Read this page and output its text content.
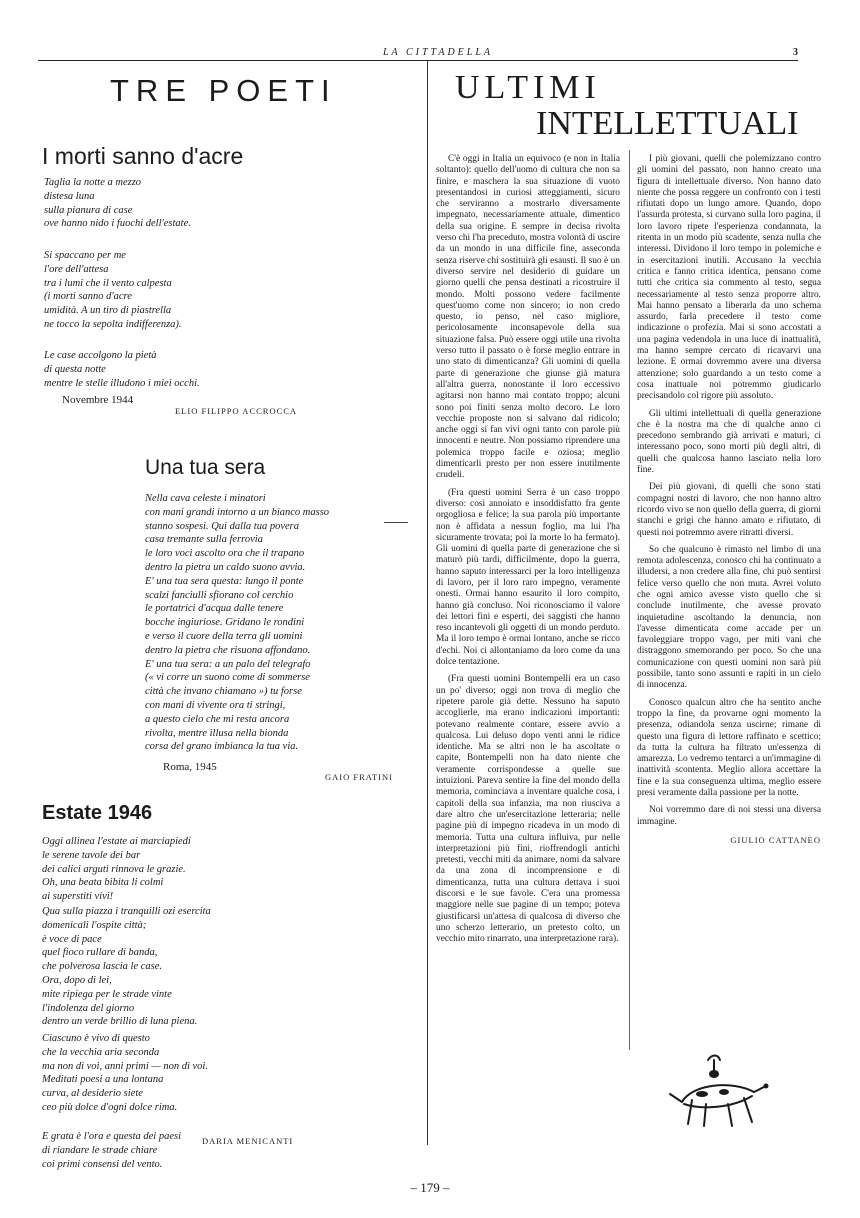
LA CITTADELLA	3
TRE POETI
I morti sanno d'acre
Taglia la notte a mezzo
distesa luna
sulla pianura di case
ove hanno nido i fuochi dell'estate.
Si spaccano per me
l'ore dell'attesa
tra i lumi che il vento calpesta
(i morti sanno d'acre
umidità. A un tiro di piastrella
ne tocco la sepolta indifferenza).
Le case accolgono la pietà
di questa notte
mentre le stelle illudono i miei occhi.
Novembre 1944
ELIO FILIPPO ACCROCCA
Una tua sera
Nella cava celeste i minatori
con mani grandi intorno a un bianco masso
stanno sospesi. Qui dalla tua povera
casa tremante sulla ferrovia
le loro voci ascolto ora che il trapano
dentro la pietra un caldo suono avvia.
E' una tua sera questa: lungo il ponte
scalzi fanciulli sfiorano col cerchio
le portatrici d'acqua dalle tenere
bocche ingiuriose. Gridano le rondini
e verso il cuore della terra gli uomini
dentro la pietra che risuona affondano.
E' una tua sera: a un palo del telegrafo
(« vi corre un suono come di sommerse
città che invano chiamano ») tu forse
con mani di vivente ora ti stringi,
a questo cielo che mi resta ancora
rivolta, mentre illusa nella bionda
corsa del grano imbianca la tua via.
Roma, 1945
GAIO FRATINI
Estate 1946
Oggi allinea l'estate ai marciapiedi
le serene tavole dei bar
dei calici arguti rinnova le grazie.
Oh, una beata bibita li colmi
ai superstiti vivi!
Qua sulla piazza i tranquilli ozi esercita
domenicali l'ospite città;
è voce di pace
quel fioco rullare di banda,
che polverosa lascia le case.
Ora, dopo di lei,
mite ripiega per le strade vinte
l'indolenza del giorno
dentro un verde brillio di luna piena.
Ciascuno è vivo di questo
che la vecchia aria seconda
ma non di voi, anni primi — non di voi.
Meditati poesi a una lontana
curva, al desiderio siete
ceo più dolce d'ogni dolce rima.
E grata è l'ora e questa dei paesi
di riandare le strade chiare
coi primi consensi del vento.
DARIA MENICANTI
ULTIMI
INTELLETTUALI

C'è oggi in Italia un equivoco (e non in Italia soltanto): quello dell'uomo di cultura che non sa finire, e maschera la sua situazione di vuoto presentandosi in curiosi atteggiamenti, sicuro che serviranno a mostrarlo diversamente impegnato, necessariamente attuale, dimentico della sua origine. E sempre in decisa rivolta verso chi l'ha preceduto, mostra volontà di uscire da un mondo in una difficile fine, asseconda senza riserve chi sostituirà gli esausti. Il suo è un diverso servire nel desiderio di guidare un giorno quelli che pensa destinati a ricostruire il mondo. Molti possono vedere facilmente quest'uomo come non sincero; io non credo questo, io penso, nel caso migliore, pericolosamente inconsapevole della sua situazione falsa. Può essere oggi utile una rivolta verso tutto il passato o è forse meglio entrare in uno stato di dimenticanza? Gli uomini di quella parte di generazione che giunse già matura all'altra guerra, nonostante il loro eccessivo agitarsi non hanno mai contato troppo; alcuni sono poi finiti senza molto decoro. Le loro vecchie proposte non si salvano dal ridicolo; anche oggi si fan vivi ogni tanto con parole più innocenti e neutre. Non possiamo riprendere una polemica troppo facile e oziosa; meglio dimenticarli presto per non essere inutilmente crudeli.

(Fra questi uomini Serra è un caso troppo diverso: così annoiato e insoddisfatto fra gente orgogliosa e felice; la sua parola più importante non è affidata a nessun foglio, ma lui l'ha sicuramente trovata; poi la morte lo ha fermato). Gli uomini di quella parte di generazione che si maturò più tardi, difficilmente, dopo la guerra, hanno saputo interessarci per la loro intelligenza di lavoro, per il loro raro impegno, veramente onesti. Ormai hanno esaurito il loro compito, hanno già concluso. Noi riconosciamo il valore dei lettori fini e esperti, dei saggisti che hanno reso incantevoli gli oggetti di un mondo perduto. Ma il loro tempo è ormai lontano, anche se ricco d'echi. Noi ci allontaniamo da loro come da una dolce tentazione.

(Fra questi uomini Bontempelli era un caso un po' diverso; oggi non trova di meglio che ripetere parole già dette. Nessuno ha saputo accoglierle, ma erano indicazioni importanti: potevano realmente contare, essere avvio a qualcosa. Lui deluso dopo venti anni le ridice identiche. Ma se altri non le ha ascoltate o capite, Bontempelli non ha dato niente che veramente corrispondesse a quelle sue intuizioni. Pareva sentire la fine del mondo della memoria, cominciava a inventare qualche cosa, i capitoli della sua infanzia, ma non riusciva a dare altro che un'esercitazione letteraria; nelle pagine più di impegno ricadeva in un modo di memoria. Tutta una cultura influiva, pur nelle interpretazioni più fini, rioffrendogli antichi pretesti, vecchi miti da animare, nomi da salvare da una zona di incomprensione e di dimenticanza, tutta una cultura dettava i suoi discorsi e le sue favole. C'era una promessa maggiore nelle sue pagine di un tempo; poteva giustificarsi un'attesa di qualcosa di diverso che uno scherzo letterario, un pretesto colto, un vecchio mito rinarrato, una interpretazione rara).

I più giovani, quelli che polemizzano contro gli uomini del passato, non hanno creato una figura di intellettuale diverso. Non hanno dato niente che possa reggere un confronto con i testi rifiutati dopo un lungo amore. Quando, dopo l'assurda protesta, si curvano sulla loro pagina, il loro lavoro ripete l'esperienza condannata, la ritenta in un modo più scadente, senza nulla che interessi. Dividono il loro tempo in polemiche e in esercitazioni inutili. Accusano la vecchia critica e fanno critica identica, pensano come tutti che critica sia commento al testo, segua necessariamente al testo senza proporre altro. Mai hanno pensato a liberarla da uno schema assurdo, farla precedere il testo come indicazione o profezia. Mai si sono accostati a una pagina vedendola in una luce di inattualità, ma hanno sempre cercato di ricavarvi una lezione. E ormai dovremmo avere una diversa attenzione; solo guardando a un testo come a cosa inattuale noi potremmo giudicarlo precisandolo col rigore più assoluto.

Gli ultimi intellettuali di quella generazione che è la nostra ma che di qualche anno ci precedono sembrando già arrivati e maturi, ci interessano poco, sono morti più degli altri, di quelli che qualcosa hanno lasciato nella loro fine.

Dei più giovani, di quelli che sono stati compagni nostri di lavoro, che non hanno altro ricordo vivo se non quello della guerra, di giorni stanchi e grigi che hanno amato e rifiutato, di questi noi potremmo avere ritratti diversi.

So che qualcuno è rimasto nel limbo di una remota adolescenza, conosco chi ha continuato a illudersi, a non credere alla fine, chi può sentirsi felice verso quello che non muta. Avrei voluto che ogni amico avesse visto quello che si conclude inutilmente, che avesse provato inquietudine ascoltando la denuncia, non l'avesse dimenticata come accade per un favoleggiare troppo vago, per miti vani che distraggono smemorando per poco. So che una comunicazione con questi uomini non sarà più possibile, tanto sono assunti e rapiti in un cielo di innocenza.

Conosco qualcun altro che ha sentito anche troppo la fine, da provarne ogni momento la presenza, odiandola senza uscirne; rimane di questo una figura di lettore raffinato e scettico; da tutta la cultura ha filtrato un'essenza di amarezza. Lo vedremo tentarci a un'immagine di inattività scontenta. Meglio allora accettare la fine e la sua conseguenza ultima, meglio essere presi veramente dalla passione per la notte.

Noi vorremmo dare di noi stessi una diversa immagine.

GIULIO CATTANEO
– 179 –
